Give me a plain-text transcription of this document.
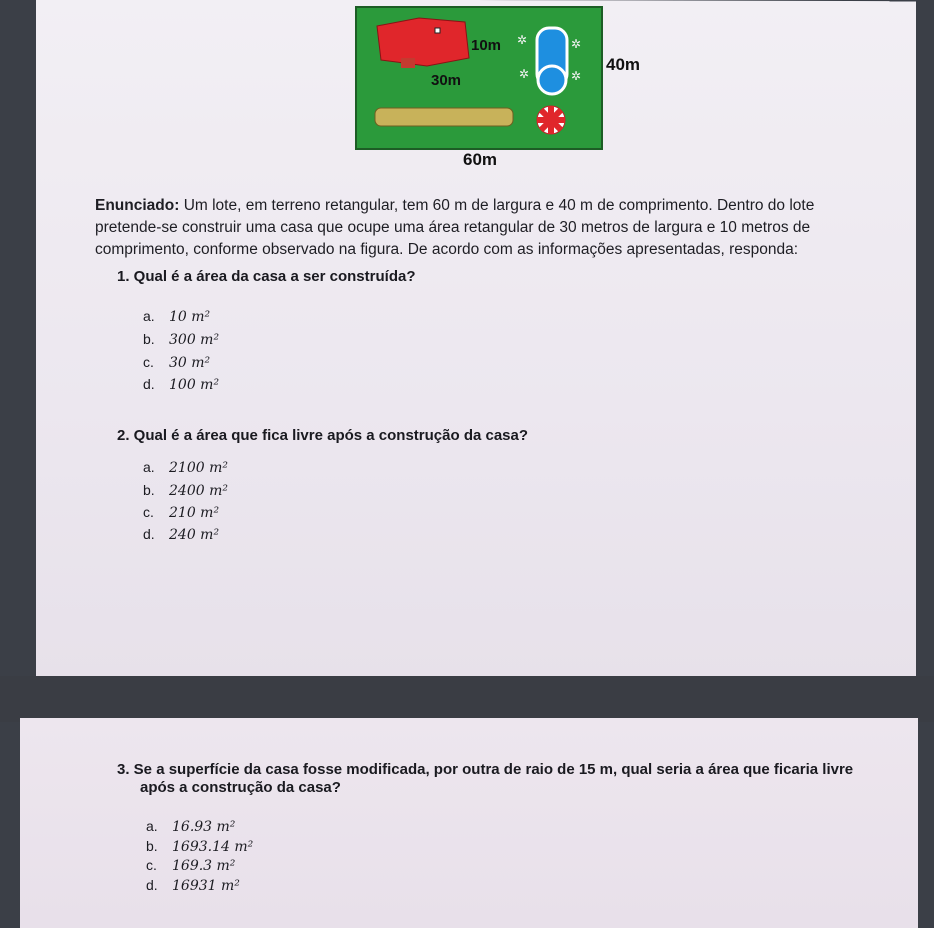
✲	✲
✲	✲
10m
30m
40m
60m
Enunciado: Um lote, em terreno retangular, tem 60 m de largura e 40 m de comprimento. Dentro do lote
pretende-se construir uma casa que ocupe uma área retangular de 30 metros de largura e 10 metros de
comprimento, conforme observado na figura. De acordo com as informações apresentadas, responda:
1. Qual é a área da casa a ser construída?
a. 10 m²
b. 300 m²
c. 30 m²
d. 100 m²
2. Qual é a área que fica livre após a construção da casa?
a. 2100 m²
b. 2400 m²
c. 210 m²
d. 240 m²
3. Se a superfície da casa fosse modificada, por outra de raio de 15 m, qual seria a área que ficaria livre
após a construção da casa?
a. 16.93 m²
b. 1693.14 m²
c. 169.3 m²
d. 16931 m²
